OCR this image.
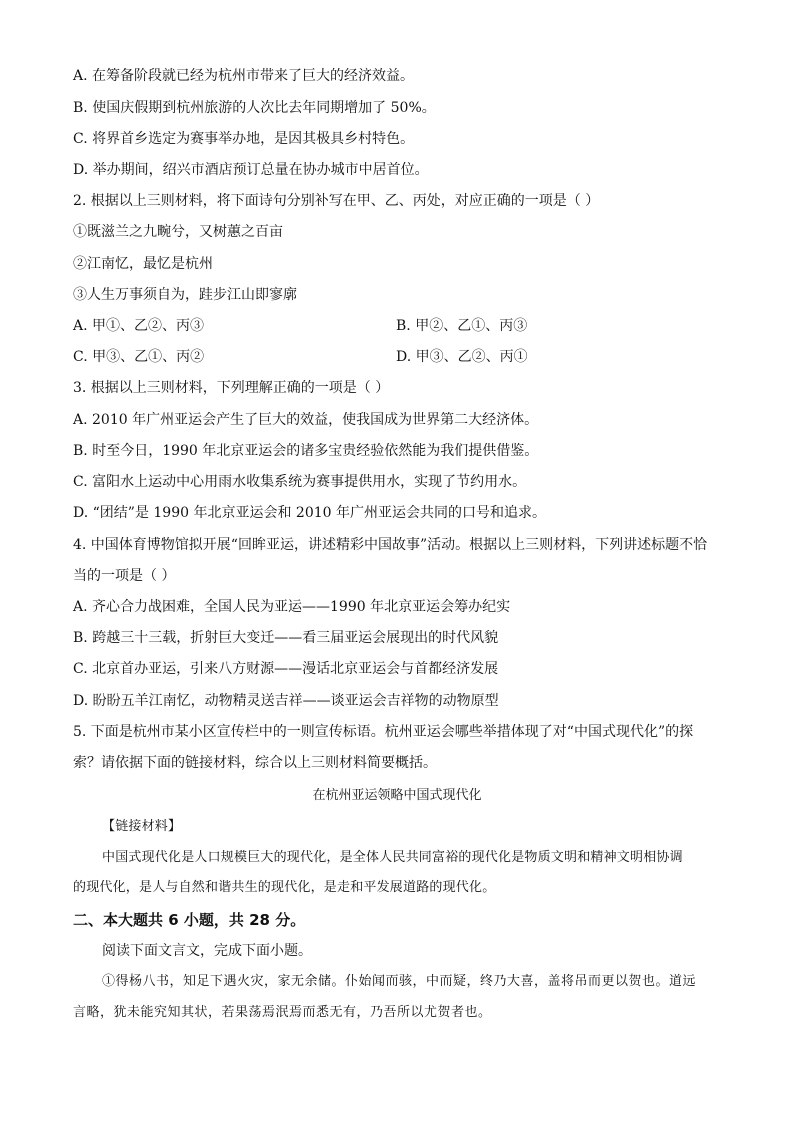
A. 在筹备阶段就已经为杭州市带来了巨大的经济效益。
B. 使国庆假期到杭州旅游的人次比去年同期增加了 50%。
C. 将界首乡选定为赛事举办地，是因其极具乡村特色。
D. 举办期间，绍兴市酒店预订总量在协办城市中居首位。
2. 根据以上三则材料，将下面诗句分别补写在甲、乙、丙处，对应正确的一项是（ ）
①既滋兰之九畹兮，又树蕙之百亩
②江南忆，最忆是杭州
③人生万事须自为，跬步江山即寥廓
A. 甲①、乙②、丙③	B. 甲②、乙①、丙③
C. 甲③、乙①、丙②	D. 甲③、乙②、丙①
3. 根据以上三则材料，下列理解正确的一项是（ ）
A. 2010 年广州亚运会产生了巨大的效益，使我国成为世界第二大经济体。
B. 时至今日，1990 年北京亚运会的诸多宝贵经验依然能为我们提供借鉴。
C. 富阳水上运动中心用雨水收集系统为赛事提供用水，实现了节约用水。
D. “团结”是 1990 年北京亚运会和 2010 年广州亚运会共同的口号和追求。
4. 中国体育博物馆拟开展“回眸亚运，讲述精彩中国故事”活动。根据以上三则材料，下列讲述标题不恰
当的一项是（ ）
A. 齐心合力战困难，全国人民为亚运——1990 年北京亚运会筹办纪实
B. 跨越三十三载，折射巨大变迁——看三届亚运会展现出的时代风貌
C. 北京首办亚运，引来八方财源——漫话北京亚运会与首都经济发展
D. 盼盼五羊江南忆，动物精灵送吉祥——谈亚运会吉祥物的动物原型
5. 下面是杭州市某小区宣传栏中的一则宣传标语。杭州亚运会哪些举措体现了对“中国式现代化”的探
索？请依据下面的链接材料，综合以上三则材料简要概括。
在杭州亚运领略中国式现代化
【链接材料】
中国式现代化是人口规模巨大的现代化，是全体人民共同富裕的现代化是物质文明和精神文明相协调
的现代化，是人与自然和谐共生的现代化，是走和平发展道路的现代化。
二、本大题共 6 小题，共 28 分。
阅读下面文言文，完成下面小题。
①得杨八书，知足下遇火灾，家无余储。仆始闻而骇，中而疑，终乃大喜，盖将吊而更以贺也。道远
言略，犹未能究知其状，若果荡焉泯焉而悉无有，乃吾所以尤贺者也。
